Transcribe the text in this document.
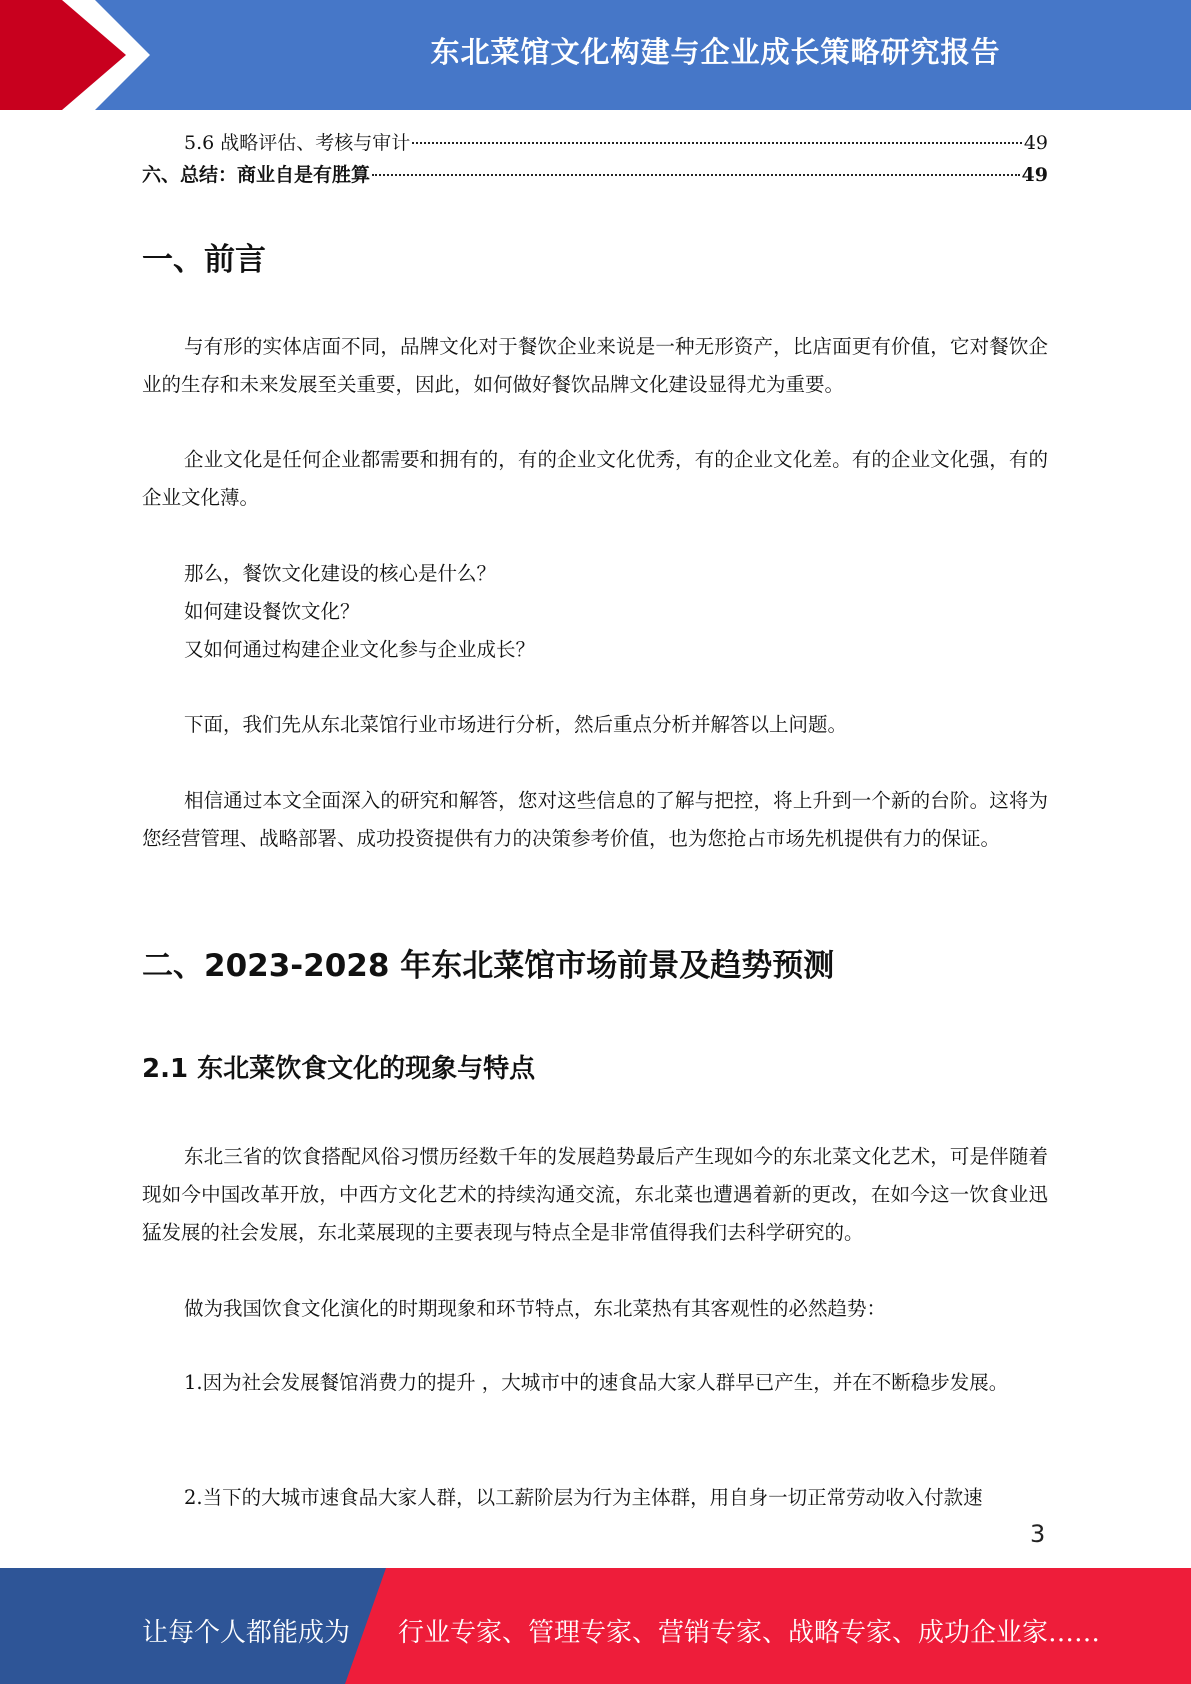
东北菜馆文化构建与企业成长策略研究报告
5.6 战略评估、考核与审计	49
六、总结：商业自是有胜算	49
一、前言

与有形的实体店面不同，品牌文化对于餐饮企业来说是一种无形资产，比店面更有价值，它对餐饮企业的生存和未来发展至关重要，因此，如何做好餐饮品牌文化建设显得尤为重要。

企业文化是任何企业都需要和拥有的，有的企业文化优秀，有的企业文化差。有的企业文化强，有的企业文化薄。

那么，餐饮文化建设的核心是什么？
如何建设餐饮文化？
又如何通过构建企业文化参与企业成长？

下面，我们先从东北菜馆行业市场进行分析，然后重点分析并解答以上问题。

相信通过本文全面深入的研究和解答，您对这些信息的了解与把控，将上升到一个新的台阶。这将为您经营管理、战略部署、成功投资提供有力的决策参考价值，也为您抢占市场先机提供有力的保证。

二、2023-2028 年东北菜馆市场前景及趋势预测
2.1 东北菜饮食文化的现象与特点

东北三省的饮食搭配风俗习惯历经数千年的发展趋势最后产生现如今的东北菜文化艺术，可是伴随着现如今中国改革开放，中西方文化艺术的持续沟通交流，东北菜也遭遇着新的更改，在如今这一饮食业迅猛发展的社会发展，东北菜展现的主要表现与特点全是非常值得我们去科学研究的。

做为我国饮食文化演化的时期现象和环节特点，东北菜热有其客观性的必然趋势：

1.因为社会发展餐馆消费力的提升 ，大城市中的速食品大家人群早已产生，并在不断稳步发展。

2.当下的大城市速食品大家人群，以工薪阶层为行为主体群，用自身一切正常劳动收入付款速

3
让每个人都能成为 行业专家、管理专家、营销专家、战略专家、成功企业家……
